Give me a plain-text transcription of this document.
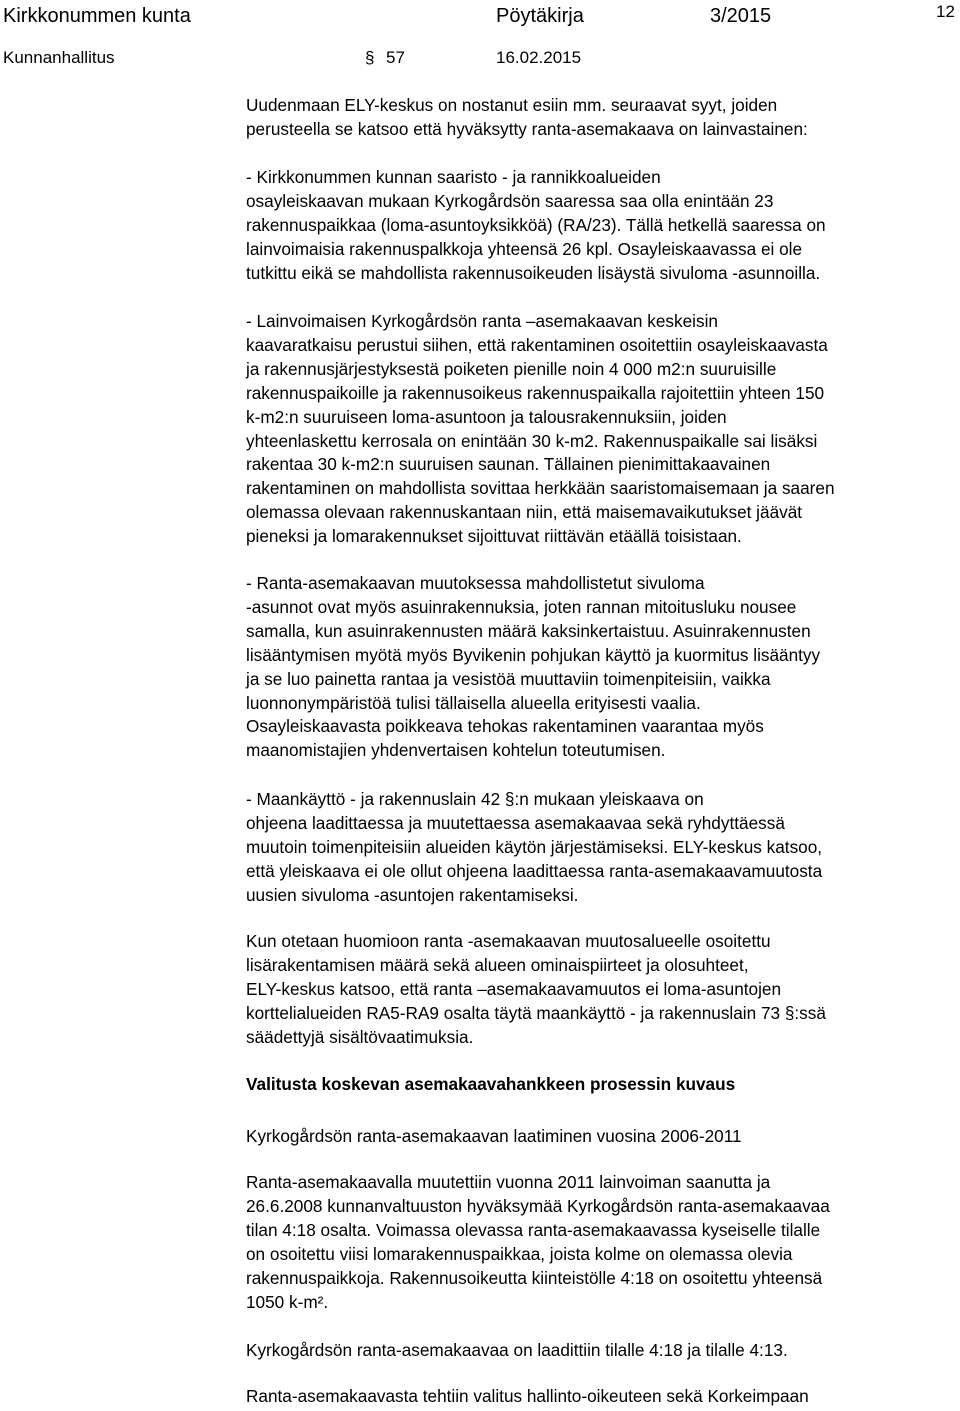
Kirkkonummen kunta	Pöytäkirja	3/2015	12
Kunnanhallitus	§ 57	16.02.2015
Uudenmaan ELY-keskus on nostanut esiin mm. seuraavat syyt, joiden
perusteella se katsoo että hyväksytty ranta-asemakaava on lainvastainen:
- Kirkkonummen kunnan saaristo - ja rannikkoalueiden
osayleiskaavan mukaan Kyrkogårdsön saaressa saa olla enintään 23
rakennuspaikkaa (loma-asuntoyksikköä) (RA/23). Tällä hetkellä saaressa on
lainvoimaisia rakennuspalkkoja yhteensä 26 kpl. Osayleiskaavassa ei ole
tutkittu eikä se mahdollista rakennusoikeuden lisäystä sivuloma -asunnoilla.
- Lainvoimaisen Kyrkogårdsön ranta –asemakaavan keskeisin
kaavaratkaisu perustui siihen, että rakentaminen osoitettiin osayleiskaavasta
ja rakennusjärjestyksestä poiketen pienille noin 4 000 m2:n suuruisille
rakennuspaikoille ja rakennusoikeus rakennuspaikalla rajoitettiin yhteen 150
k-m2:n suuruiseen loma-asuntoon ja talousrakennuksiin, joiden
yhteenlaskettu kerrosala on enintään 30 k-m2. Rakennuspaikalle sai lisäksi
rakentaa 30 k-m2:n suuruisen saunan. Tällainen pienimittakaavainen
rakentaminen on mahdollista sovittaa herkkään saaristomaisemaan ja saaren
olemassa olevaan rakennuskantaan niin, että maisemavaikutukset jäävät
pieneksi ja lomarakennukset sijoittuvat riittävän etäällä toisistaan.
- Ranta-asemakaavan muutoksessa mahdollistetut sivuloma
-asunnot ovat myös asuinrakennuksia, joten rannan mitoitusluku nousee
samalla, kun asuinrakennusten määrä kaksinkertaistuu. Asuinrakennusten
lisääntymisen myötä myös Byvikenin pohjukan käyttö ja kuormitus lisääntyy
ja se luo painetta rantaa ja vesistöä muuttaviin toimenpiteisiin, vaikka
luonnonympäristöä tulisi tällaisella alueella erityisesti vaalia.
Osayleiskaavasta poikkeava tehokas rakentaminen vaarantaa myös
maanomistajien yhdenvertaisen kohtelun toteutumisen.
- Maankäyttö - ja rakennuslain 42 §:n mukaan yleiskaava on
ohjeena laadittaessa ja muutettaessa asemakaavaa sekä ryhdyttäessä
muutoin toimenpiteisiin alueiden käytön järjestämiseksi. ELY-keskus katsoo,
että yleiskaava ei ole ollut ohjeena laadittaessa ranta-asemakaavamuutosta
uusien sivuloma -asuntojen rakentamiseksi.
Kun otetaan huomioon ranta -asemakaavan muutosalueelle osoitettu
lisärakentamisen määrä sekä alueen ominaispiirteet ja olosuhteet,
ELY-keskus katsoo, että ranta –asemakaavamuutos ei loma-asuntojen
korttelialueiden RA5-RA9 osalta täytä maankäyttö - ja rakennuslain 73 §:ssä
säädettyjä sisältövaatimuksia.
Valitusta koskevan asemakaavahankkeen prosessin kuvaus
Kyrkogårdsön ranta-asemakaavan laatiminen vuosina 2006-2011
Ranta-asemakaavalla muutettiin vuonna 2011 lainvoiman saanutta ja
26.6.2008 kunnanvaltuuston hyväksymää Kyrkogårdsön ranta-asemakaavaa
tilan 4:18 osalta. Voimassa olevassa ranta-asemakaavassa kyseiselle tilalle
on osoitettu viisi lomarakennuspaikkaa, joista kolme on olemassa olevia
rakennuspaikkoja. Rakennusoikeutta kiinteistölle 4:18 on osoitettu yhteensä
1050 k-m².
Kyrkogårdsön ranta-asemakaavaa on laadittiin tilalle 4:18 ja tilalle 4:13.
Ranta-asemakaavasta tehtiin valitus hallinto-oikeuteen sekä Korkeimpaan
